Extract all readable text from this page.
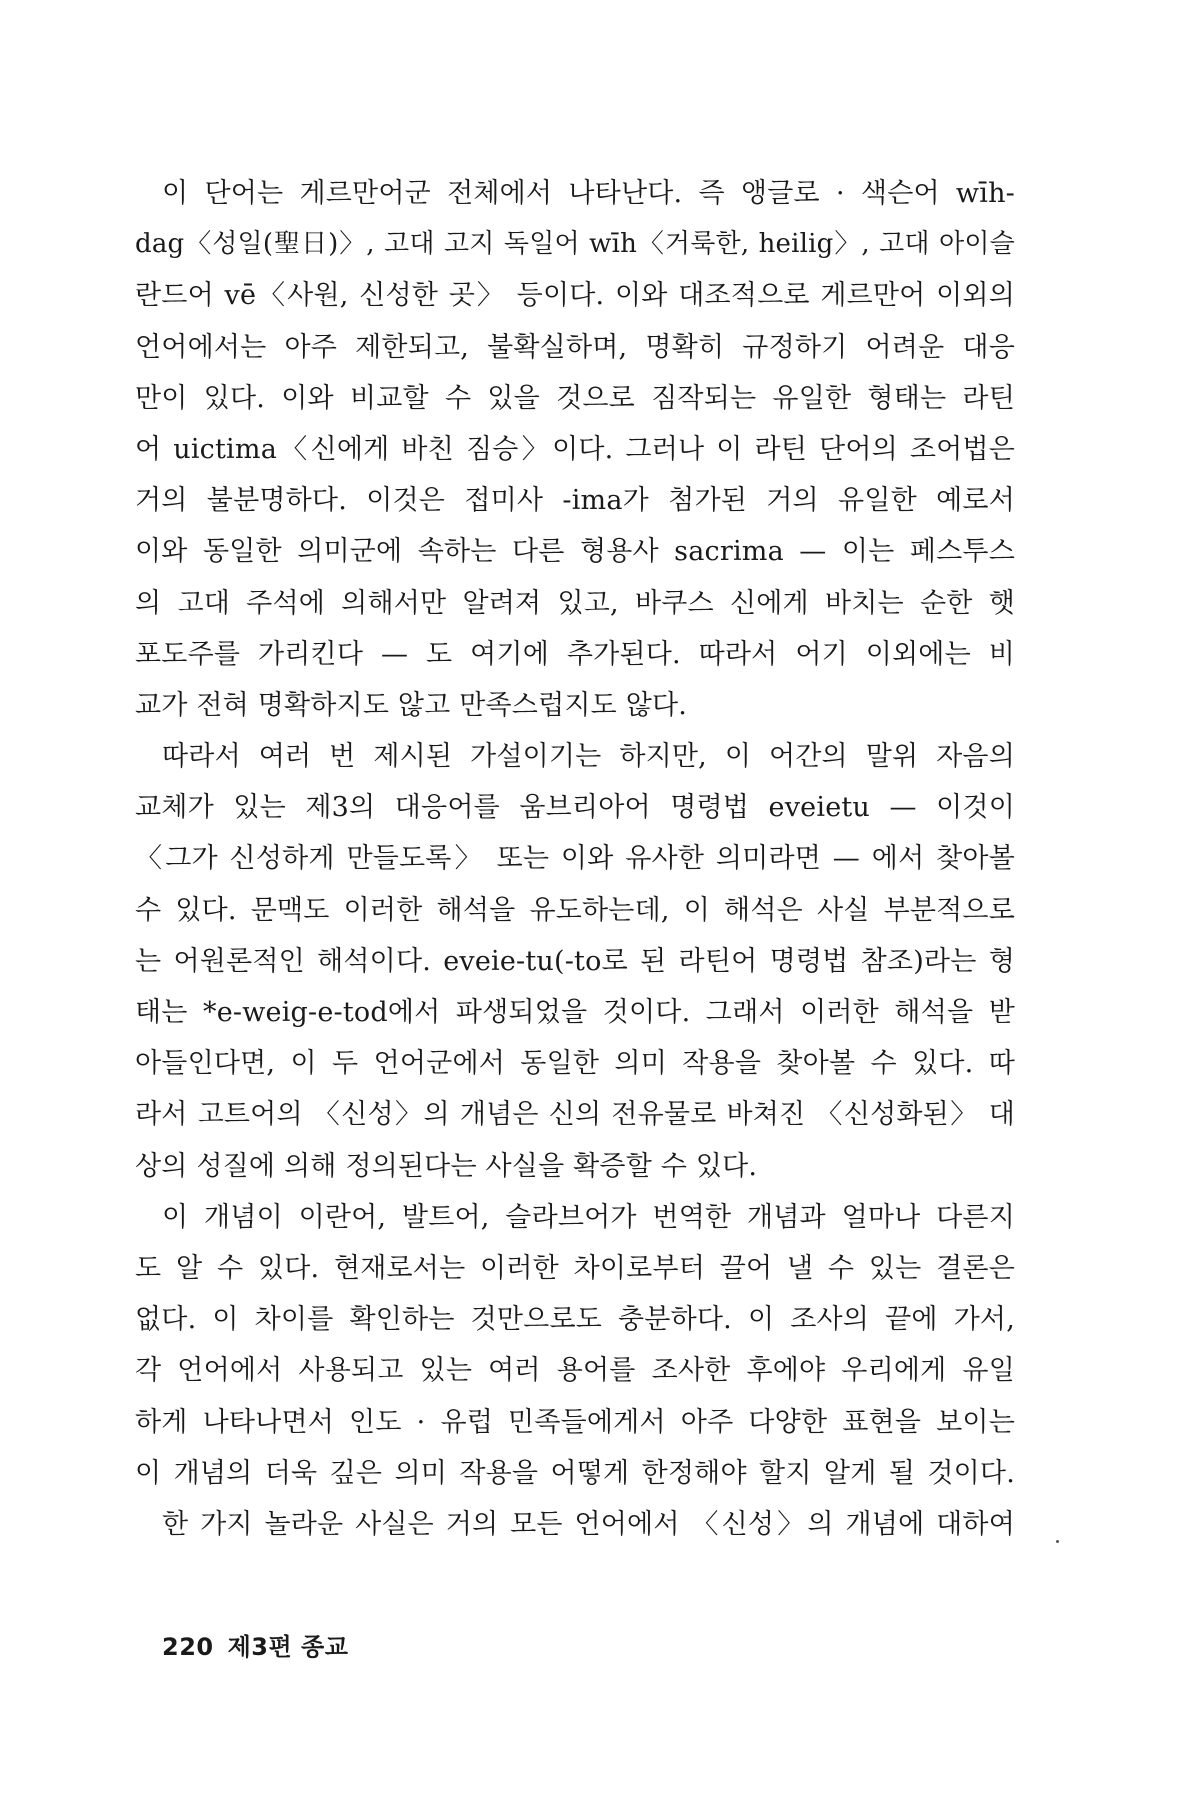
이 단어는 게르만어군 전체에서 나타난다. 즉 앵글로 · 색슨어 wīh-
dag〈성일(聖日)〉, 고대 고지 독일어 wīh〈거룩한, heilig〉, 고대 아이슬
란드어 vē〈사원, 신성한 곳〉 등이다. 이와 대조적으로 게르만어 이외의
언어에서는 아주 제한되고, 불확실하며, 명확히 규정하기 어려운 대응
만이 있다. 이와 비교할 수 있을 것으로 짐작되는 유일한 형태는 라틴
어 uictima〈신에게 바친 짐승〉이다. 그러나 이 라틴 단어의 조어법은
거의 불분명하다. 이것은 접미사 -ima가 첨가된 거의 유일한 예로서
이와 동일한 의미군에 속하는 다른 형용사 sacrima — 이는 페스투스
의 고대 주석에 의해서만 알려져 있고, 바쿠스 신에게 바치는 순한 햇
포도주를 가리킨다 — 도 여기에 추가된다. 따라서 어기 이외에는 비
교가 전혀 명확하지도 않고 만족스럽지도 않다.
따라서 여러 번 제시된 가설이기는 하지만, 이 어간의 말위 자음의
교체가 있는 제3의 대응어를 움브리아어 명령법 eveietu — 이것이
〈그가 신성하게 만들도록〉 또는 이와 유사한 의미라면 — 에서 찾아볼
수 있다. 문맥도 이러한 해석을 유도하는데, 이 해석은 사실 부분적으로
는 어원론적인 해석이다. eveie-tu(-to로 된 라틴어 명령법 참조)라는 형
태는 *e-weig-e-tod에서 파생되었을 것이다. 그래서 이러한 해석을 받
아들인다면, 이 두 언어군에서 동일한 의미 작용을 찾아볼 수 있다. 따
라서 고트어의 〈신성〉의 개념은 신의 전유물로 바쳐진 〈신성화된〉 대
상의 성질에 의해 정의된다는 사실을 확증할 수 있다.
이 개념이 이란어, 발트어, 슬라브어가 번역한 개념과 얼마나 다른지
도 알 수 있다. 현재로서는 이러한 차이로부터 끌어 낼 수 있는 결론은
없다. 이 차이를 확인하는 것만으로도 충분하다. 이 조사의 끝에 가서,
각 언어에서 사용되고 있는 여러 용어를 조사한 후에야 우리에게 유일
하게 나타나면서 인도 · 유럽 민족들에게서 아주 다양한 표현을 보이는
이 개념의 더욱 깊은 의미 작용을 어떻게 한정해야 할지 알게 될 것이다.
한 가지 놀라운 사실은 거의 모든 언어에서 〈신성〉의 개념에 대하여
220 제3편 종교
